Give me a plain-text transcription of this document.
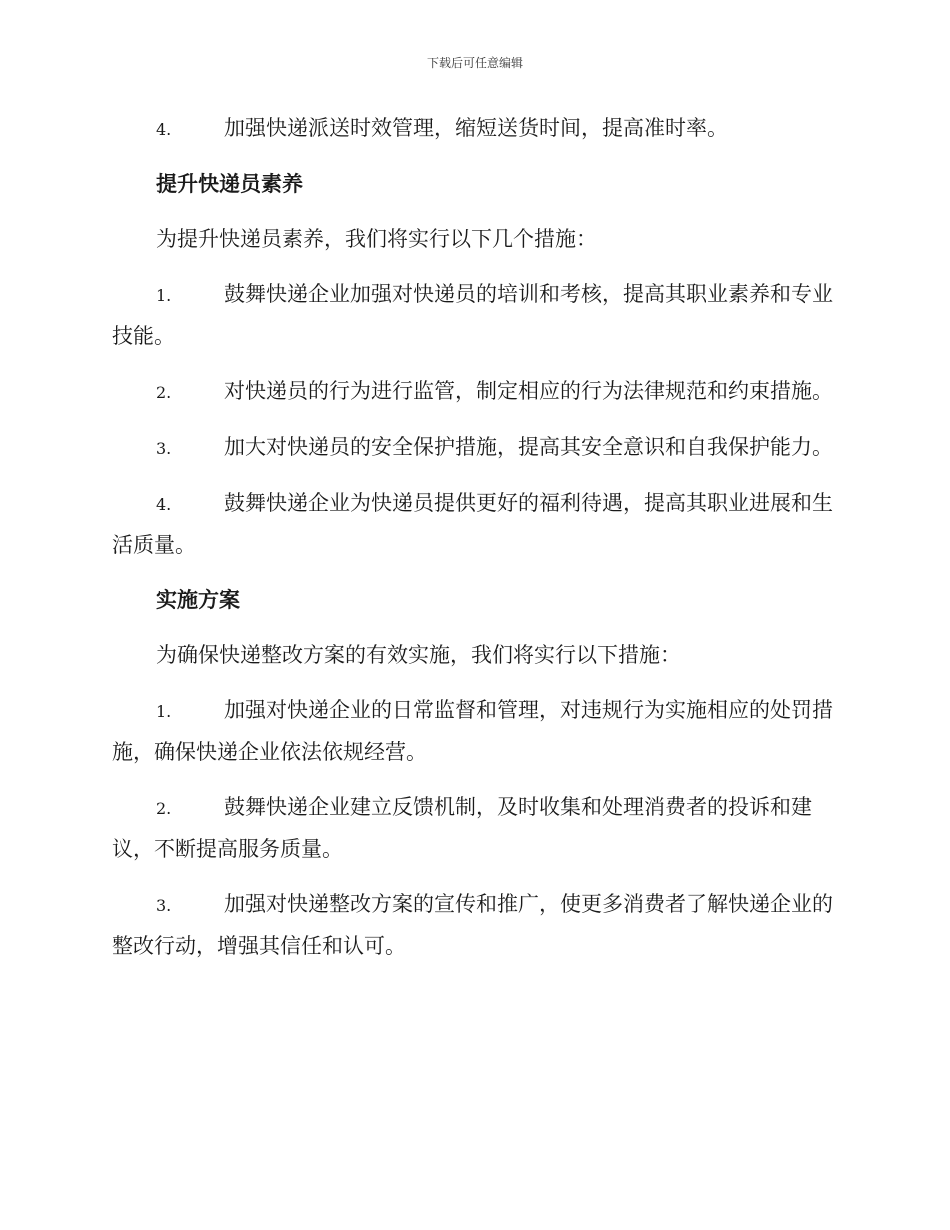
下载后可任意编辑
4.	加强快递派送时效管理，缩短送货时间，提高准时率。
提升快递员素养
为提升快递员素养，我们将实行以下几个措施：
1.	鼓舞快递企业加强对快递员的培训和考核，提高其职业素养和专业技能。
2.	对快递员的行为进行监管，制定相应的行为法律规范和约束措施。
3.	加大对快递员的安全保护措施，提高其安全意识和自我保护能力。
4.	鼓舞快递企业为快递员提供更好的福利待遇，提高其职业进展和生活质量。
实施方案
为确保快递整改方案的有效实施，我们将实行以下措施：
1.	加强对快递企业的日常监督和管理，对违规行为实施相应的处罚措施，确保快递企业依法依规经营。
2.	鼓舞快递企业建立反馈机制，及时收集和处理消费者的投诉和建议，不断提高服务质量。
3.	加强对快递整改方案的宣传和推广，使更多消费者了解快递企业的整改行动，增强其信任和认可。
